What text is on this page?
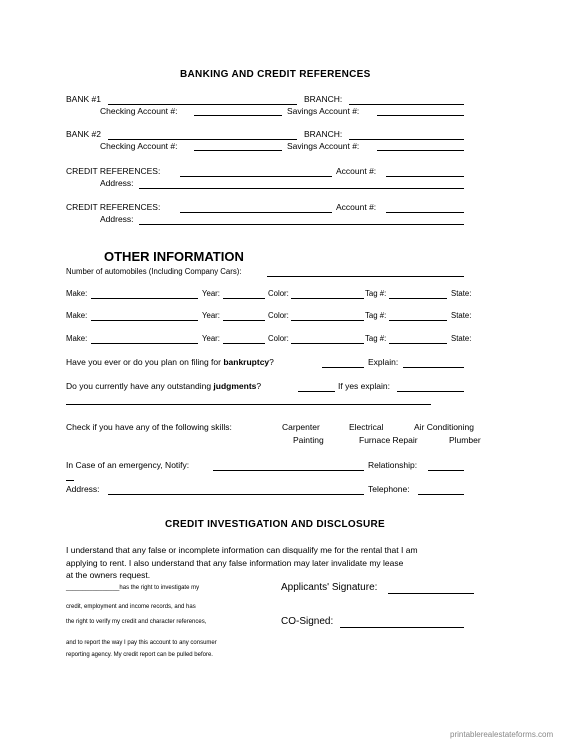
BANKING AND CREDIT REFERENCES
BANK #1	BRANCH:
Checking Account #:	Savings Account #:
BANK #2	BRANCH:
Checking Account #:	Savings Account #:
CREDIT REFERENCES:	Account #:
Address:
CREDIT REFERENCES:	Account #:
Address:
OTHER INFORMATION
Number of automobiles (Including Company Cars):
Make:	Year:	Color:	Tag #:	State:
Make:	Year:	Color:	Tag #:	State:
Make:	Year:	Color:	Tag #:	State:
Have you ever or do you plan on filing for bankruptcy?	Explain:
Do you currently have any outstanding judgments?	If yes explain:
Check if you have any of the following skills:	Carpenter	Electrical	Air Conditioning
Painting	Furnace Repair	Plumber
In Case of an emergency, Notify:	Relationship:
Address:	Telephone:
CREDIT INVESTIGATION AND DISCLOSURE
I understand that any false or incomplete information can disqualify me for the rental that I am
applying to rent. I also understand that any false information may later invalidate my lease
at the owners request.
________________has the right to investigate my
credit, employment and income records, and has
the right to verify my credit and character references,
and to report the way I pay this account to any consumer
reporting agency. My credit report can be pulled before.
Applicants' Signature:
CO-Signed:
printablerealestateforms.com
